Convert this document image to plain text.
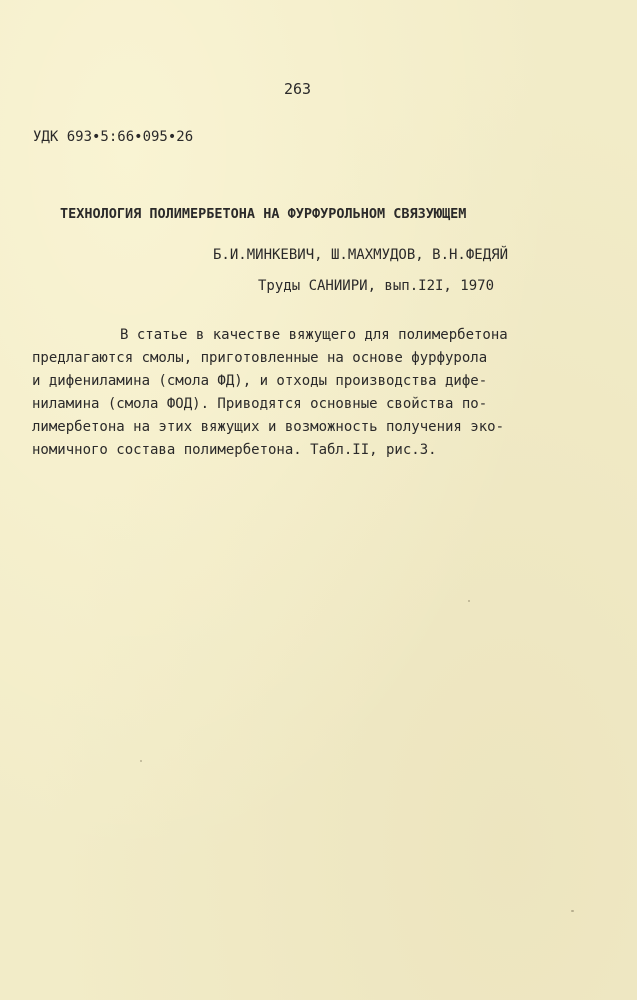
263
УДК 693•5:66•095•26
ТЕХНОЛОГИЯ ПОЛИМЕРБЕТОНА НА ФУРФУРОЛЬНОМ СВЯЗУЮЩЕМ
Б.И.МИНКЕВИЧ, Ш.МАХМУДОВ, В.Н.ФЕДЯЙ
Труды САНИИРИ, вып.I2I, 1970
В статье в качестве вяжущего для полимербетона
предлагаются смолы, приготовленные на основе фурфурола
и дифениламина (смола ФД), и отходы производства дифе-
ниламина (смола ФОД). Приводятся основные свойства по-
лимербетона на этих вяжущих и возможность получения эко-
номичного состава полимербетона. Табл.II, рис.3.
